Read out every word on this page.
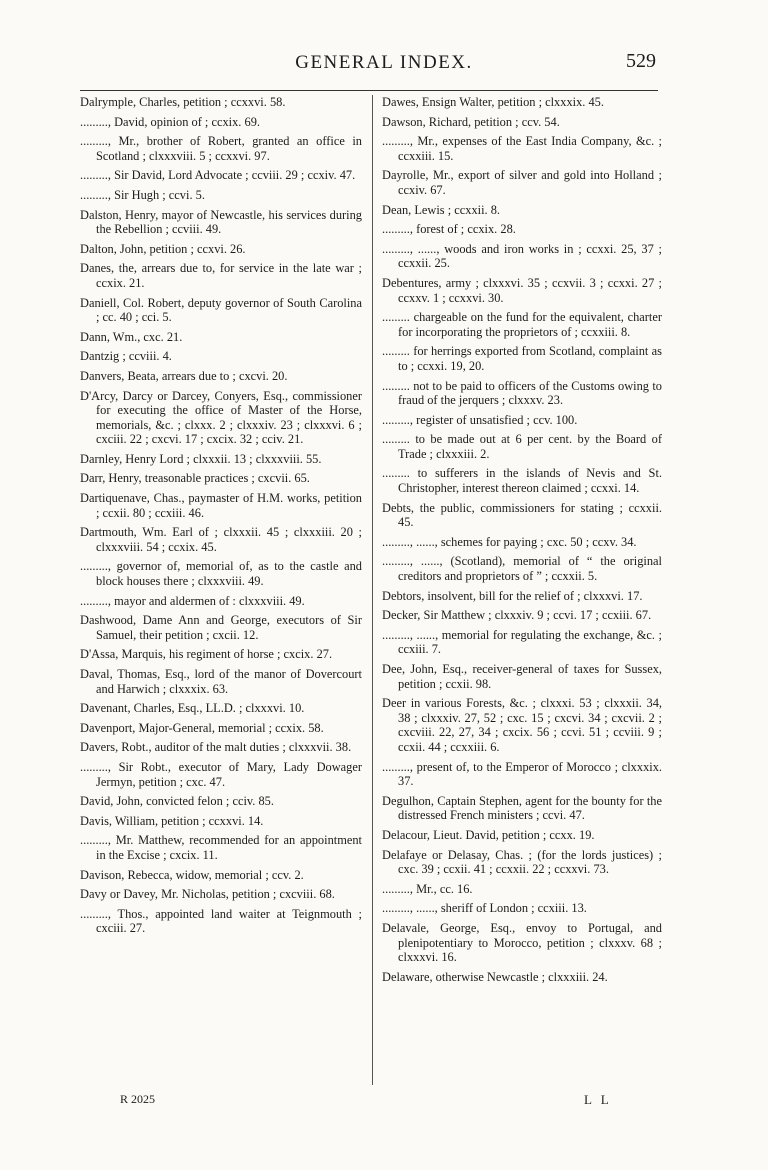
GENERAL INDEX.	529

Dalrymple, Charles, petition ; ccxxvi. 58.

........., David, opinion of ; ccxix. 69.

........., Mr., brother of Robert, granted an office in Scotland ; clxxxviii. 5 ; ccxxvi. 97.

........., Sir David, Lord Advocate ; ccviii. 29 ; ccxiv. 47.

........., Sir Hugh ; ccvi. 5.

Dalston, Henry, mayor of Newcastle, his services during the Rebellion ; ccviii. 49.

Dalton, John, petition ; ccxvi. 26.

Danes, the, arrears due to, for service in the late war ; ccxix. 21.

Daniell, Col. Robert, deputy governor of South Carolina ; cc. 40 ; cci. 5.

Dann, Wm., cxc. 21.

Dantzig ; ccviii. 4.

Danvers, Beata, arrears due to ; cxcvi. 20.

D'Arcy, Darcy or Darcey, Conyers, Esq., commissioner for executing the office of Master of the Horse, memorials, &c. ; clxxx. 2 ; clxxxiv. 23 ; clxxxvi. 6 ; cxciii. 22 ; cxcvi. 17 ; cxcix. 32 ; cciv. 21.

Darnley, Henry Lord ; clxxxii. 13 ; clxxxviii. 55.

Darr, Henry, treasonable practices ; cxcvii. 65.

Dartiquenave, Chas., paymaster of H.M. works, petition ; ccxii. 80 ; ccxiii. 46.

Dartmouth, Wm. Earl of ; clxxxii. 45 ; clxxxiii. 20 ; clxxxviii. 54 ; ccxix. 45.

........., governor of, memorial of, as to the castle and block houses there ; clxxxviii. 49.

........., mayor and aldermen of : clxxxviii. 49.

Dashwood, Dame Ann and George, executors of Sir Samuel, their petition ; cxcii. 12.

D'Assa, Marquis, his regiment of horse ; cxcix. 27.

Daval, Thomas, Esq., lord of the manor of Dovercourt and Harwich ; clxxxix. 63.

Davenant, Charles, Esq., LL.D. ; clxxxvi. 10.

Davenport, Major-General, memorial ; ccxix. 58.

Davers, Robt., auditor of the malt duties ; clxxxvii. 38.

........., Sir Robt., executor of Mary, Lady Dowager Jermyn, petition ; cxc. 47.

David, John, convicted felon ; cciv. 85.

Davis, William, petition ; ccxxvi. 14.

........., Mr. Matthew, recommended for an appointment in the Excise ; cxcix. 11.

Davison, Rebecca, widow, memorial ; ccv. 2.

Davy or Davey, Mr. Nicholas, petition ; cxcviii. 68.

........., Thos., appointed land waiter at Teignmouth ; cxciii. 27.

Dawes, Ensign Walter, petition ; clxxxix. 45.

Dawson, Richard, petition ; ccv. 54.

........., Mr., expenses of the East India Company, &c. ; ccxxiii. 15.

Dayrolle, Mr., export of silver and gold into Holland ; ccxiv. 67.

Dean, Lewis ; ccxxii. 8.

........., forest of ; ccxix. 28.

........., ......, woods and iron works in ; ccxxi. 25, 37 ; ccxxii. 25.

Debentures, army ; clxxxvi. 35 ; ccxvii. 3 ; ccxxi. 27 ; ccxxv. 1 ; ccxxvi. 30.

......... chargeable on the fund for the equivalent, charter for incorporating the proprietors of ; ccxxiii. 8.

......... for herrings exported from Scotland, complaint as to ; ccxxi. 19, 20.

......... not to be paid to officers of the Customs owing to fraud of the jerquers ; clxxxv. 23.

........., register of unsatisfied ; ccv. 100.

......... to be made out at 6 per cent. by the Board of Trade ; clxxxiii. 2.

......... to sufferers in the islands of Nevis and St. Christopher, interest thereon claimed ; ccxxi. 14.

Debts, the public, commissioners for stating ; ccxxii. 45.

........., ......, schemes for paying ; cxc. 50 ; ccxv. 34.

........., ......, (Scotland), memorial of “ the original creditors and proprietors of ” ; ccxxii. 5.

Debtors, insolvent, bill for the relief of ; clxxxvi. 17.

Decker, Sir Matthew ; clxxxiv. 9 ; ccvi. 17 ; ccxiii. 67.

........., ......, memorial for regulating the exchange, &c. ; ccxiii. 7.

Dee, John, Esq., receiver-general of taxes for Sussex, petition ; ccxii. 98.

Deer in various Forests, &c. ; clxxxi. 53 ; clxxxii. 34, 38 ; clxxxiv. 27, 52 ; cxc. 15 ; cxcvi. 34 ; cxcvii. 2 ; cxcviii. 22, 27, 34 ; cxcix. 56 ; ccvi. 51 ; ccviii. 9 ; ccxii. 44 ; ccxxiii. 6.

........., present of, to the Emperor of Morocco ; clxxxix. 37.

Degulhon, Captain Stephen, agent for the bounty for the distressed French ministers ; ccvi. 47.

Delacour, Lieut. David, petition ; ccxx. 19.

Delafaye or Delasay, Chas. ; (for the lords justices) ; cxc. 39 ; ccxii. 41 ; ccxxii. 22 ; ccxxvi. 73.

........., Mr., cc. 16.

........., ......, sheriff of London ; ccxiii. 13.

Delavale, George, Esq., envoy to Portugal, and plenipotentiary to Morocco, petition ; clxxxv. 68 ; clxxxvi. 16.

Delaware, otherwise Newcastle ; clxxxiii. 24.

R 2025	L L
